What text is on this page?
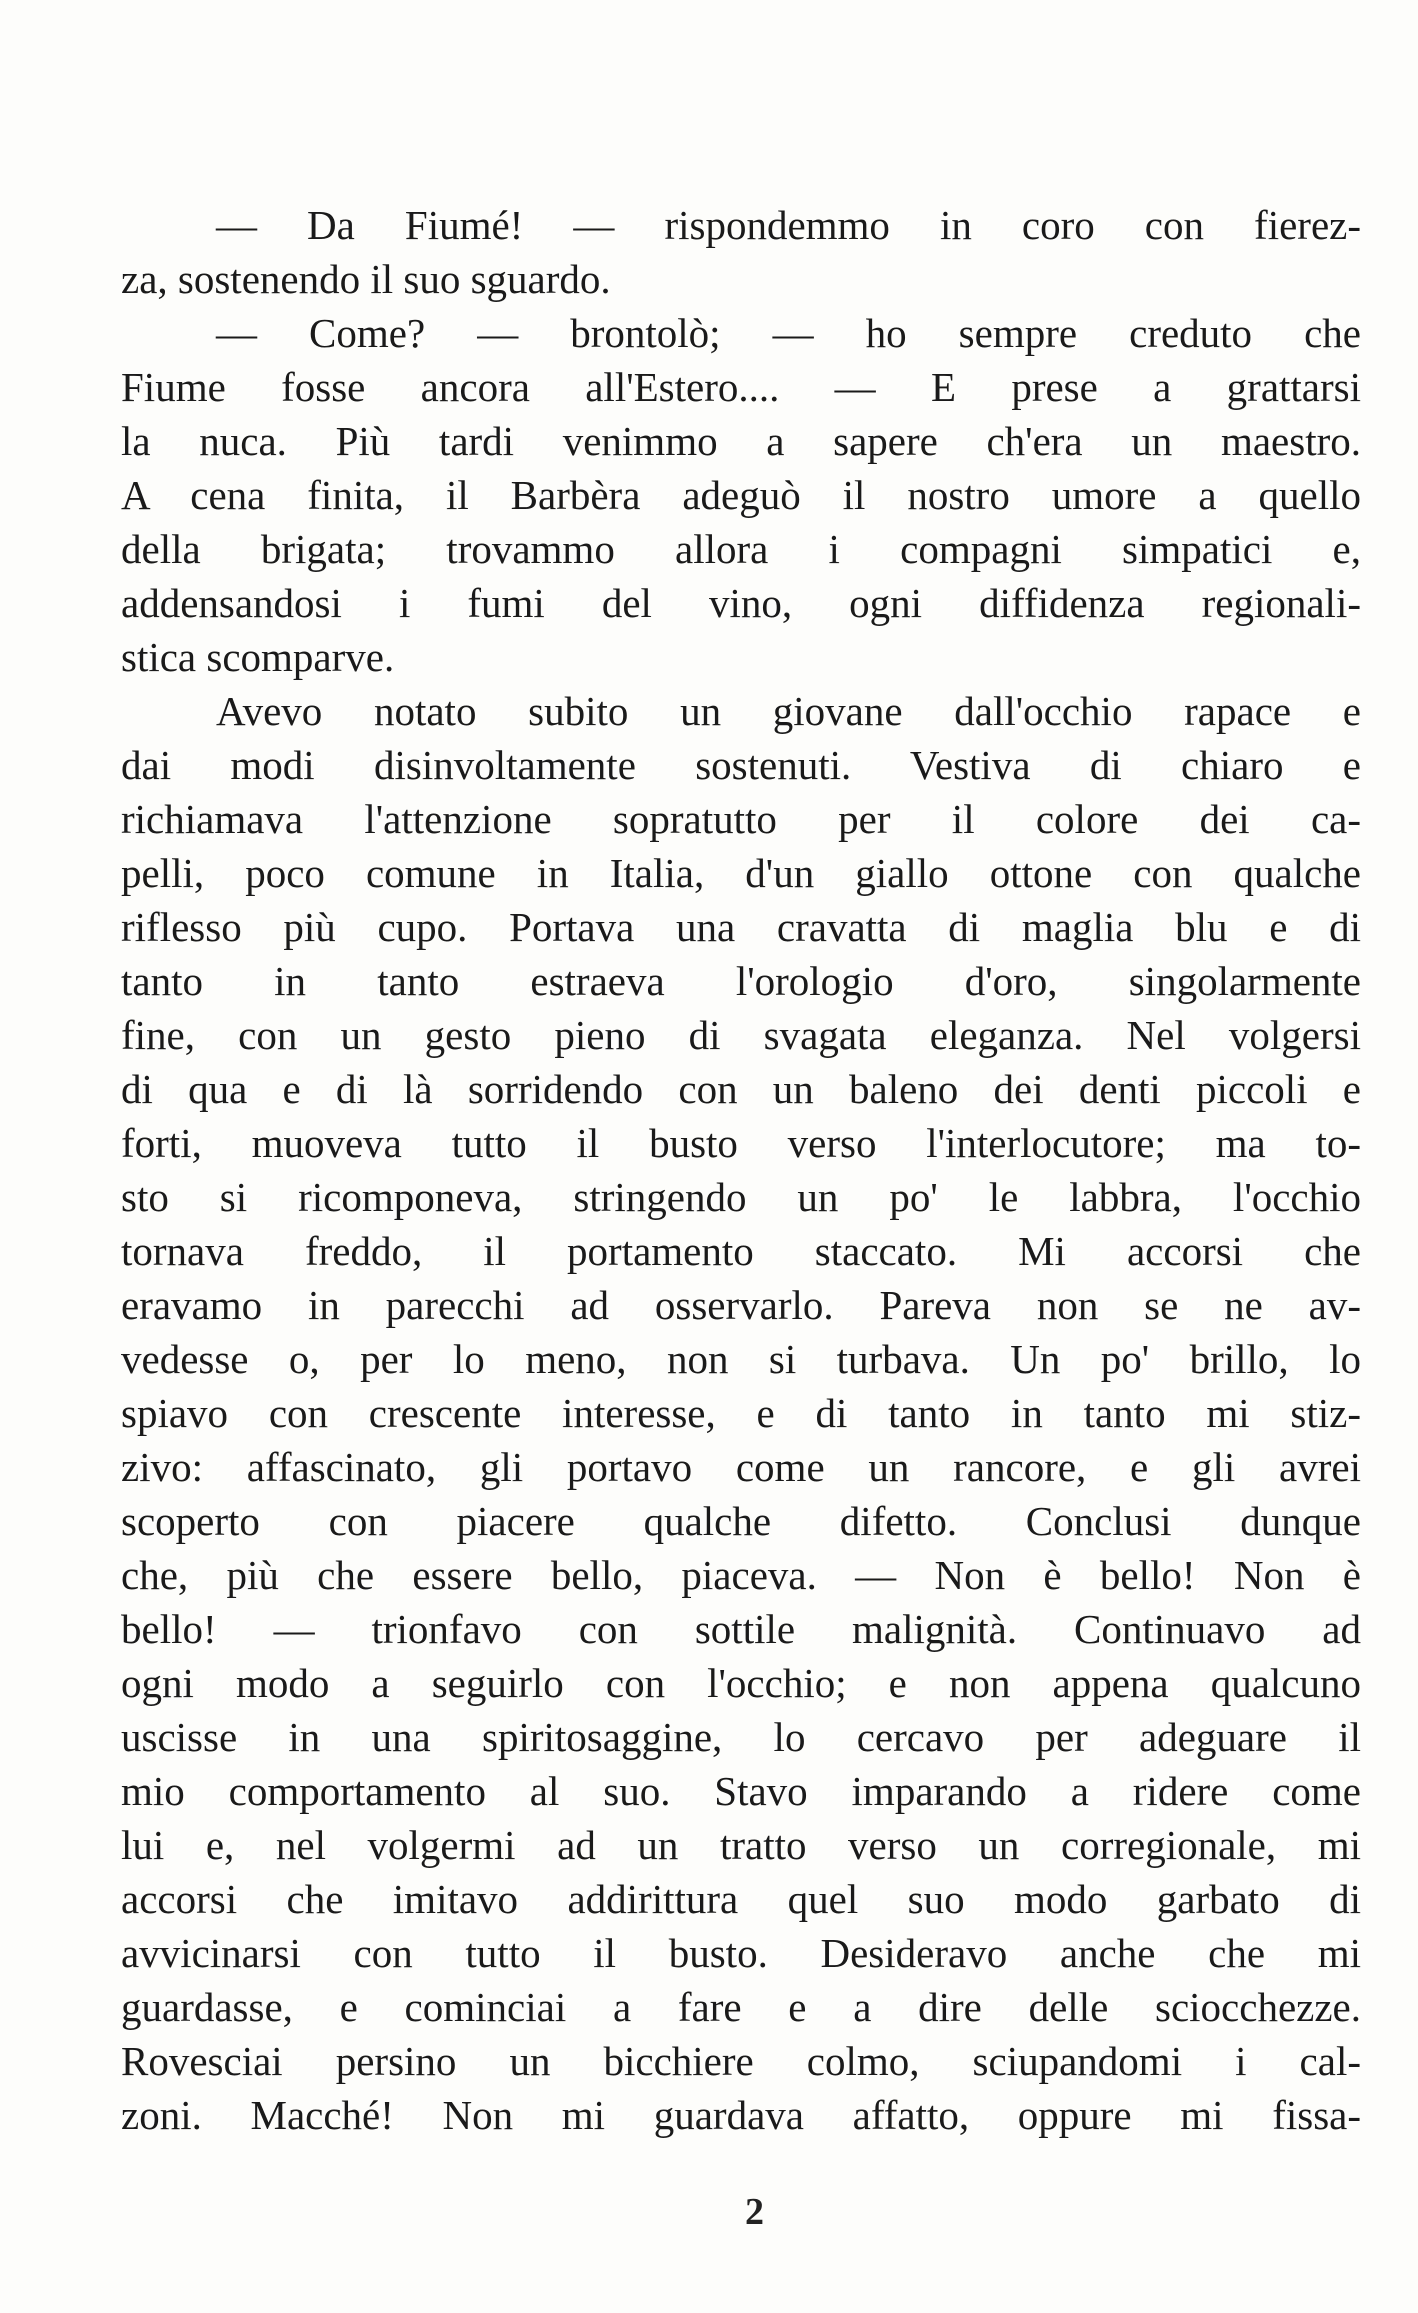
— Da Fiumé! — rispondemmo in coro con fierez-
za, sostenendo il suo sguardo.
— Come? — brontolò; — ho sempre creduto che
Fiume fosse ancora all'Estero.... — E prese a grattarsi
la nuca. Più tardi venimmo a sapere ch'era un maestro.
A cena finita, il Barbèra adeguò il nostro umore a quello
della brigata; trovammo allora i compagni simpatici e,
addensandosi i fumi del vino, ogni diffidenza regionali-
stica scomparve.
Avevo notato subito un giovane dall'occhio rapace e
dai modi disinvoltamente sostenuti. Vestiva di chiaro e
richiamava l'attenzione sopratutto per il colore dei ca-
pelli, poco comune in Italia, d'un giallo ottone con qualche
riflesso più cupo. Portava una cravatta di maglia blu e di
tanto in tanto estraeva l'orologio d'oro, singolarmente
fine, con un gesto pieno di svagata eleganza. Nel volgersi
di qua e di là sorridendo con un baleno dei denti piccoli e
forti, muoveva tutto il busto verso l'interlocutore; ma to-
sto si ricomponeva, stringendo un po' le labbra, l'occhio
tornava freddo, il portamento staccato. Mi accorsi che
eravamo in parecchi ad osservarlo. Pareva non se ne av-
vedesse o, per lo meno, non si turbava. Un po' brillo, lo
spiavo con crescente interesse, e di tanto in tanto mi stiz-
zivo: affascinato, gli portavo come un rancore, e gli avrei
scoperto con piacere qualche difetto. Conclusi dunque
che, più che essere bello, piaceva. — Non è bello! Non è
bello! — trionfavo con sottile malignità. Continuavo ad
ogni modo a seguirlo con l'occhio; e non appena qualcuno
uscisse in una spiritosaggine, lo cercavo per adeguare il
mio comportamento al suo. Stavo imparando a ridere come
lui e, nel volgermi ad un tratto verso un corregionale, mi
accorsi che imitavo addirittura quel suo modo garbato di
avvicinarsi con tutto il busto. Desideravo anche che mi
guardasse, e cominciai a fare e a dire delle sciocchezze.
Rovesciai persino un bicchiere colmo, sciupandomi i cal-
zoni. Macché! Non mi guardava affatto, oppure mi fissa-
2
